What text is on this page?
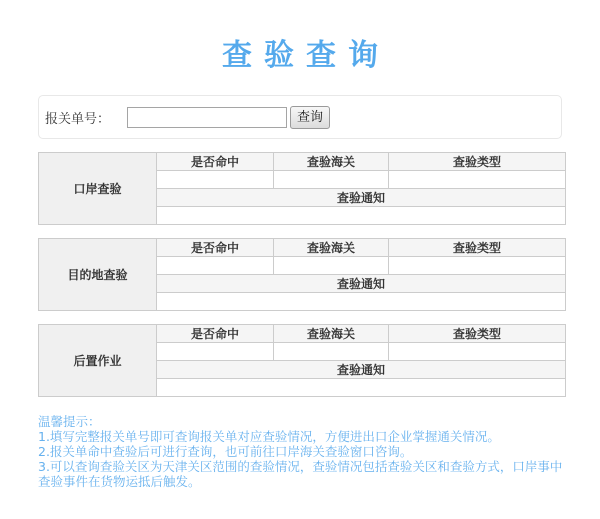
查验查询
报关单号：	查询
口岸查验	是否命中	查验海关	查验类型

	查验通知		

目的地查验	是否命中	查验海关	查验类型

	查验通知		

后置作业	是否命中	查验海关	查验类型

	查验通知		

温馨提示：

1.填写完整报关单号即可查询报关单对应查验情况，方便进出口企业掌握通关情况。

2.报关单命中查验后可进行查询，也可前往口岸海关查验窗口咨询。

3.可以查询查验关区为天津关区范围的查验情况，查验情况包括查验关区和查验方式，口岸事中查验事件在货物运抵后触发。
